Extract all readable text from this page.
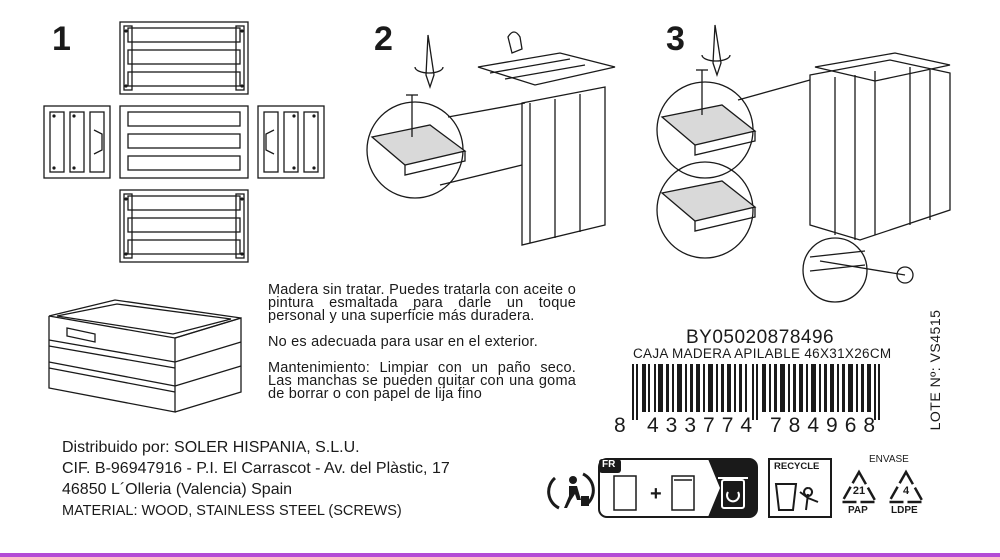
1	2	3

Madera sin tratar. Puedes tratarla con aceite o pintura esmaltada para darle un toque personal y una superficie más duradera.

No es adecuada para usar en el exterior.

Mantenimiento: Limpiar con un paño seco. Las manchas se pueden quitar con una goma de borrar o con papel de lija fino

BY05020878496
CAJA MADERA APILABLE 46X31X26CM
8 433774 784968	LOTE Nº: VS4515
Distribuido por: SOLER HISPANIA, S.L.U.
CIF. B-96947916 - P.I. El Carrascot - Av. del Plàstic, 17
46850 L´Olleria (Valencia) Spain
MATERIAL: WOOD, STAINLESS STEEL (SCREWS)
+
FR	RECYCLE
ENVASE
21
PAP
4
LDPE
